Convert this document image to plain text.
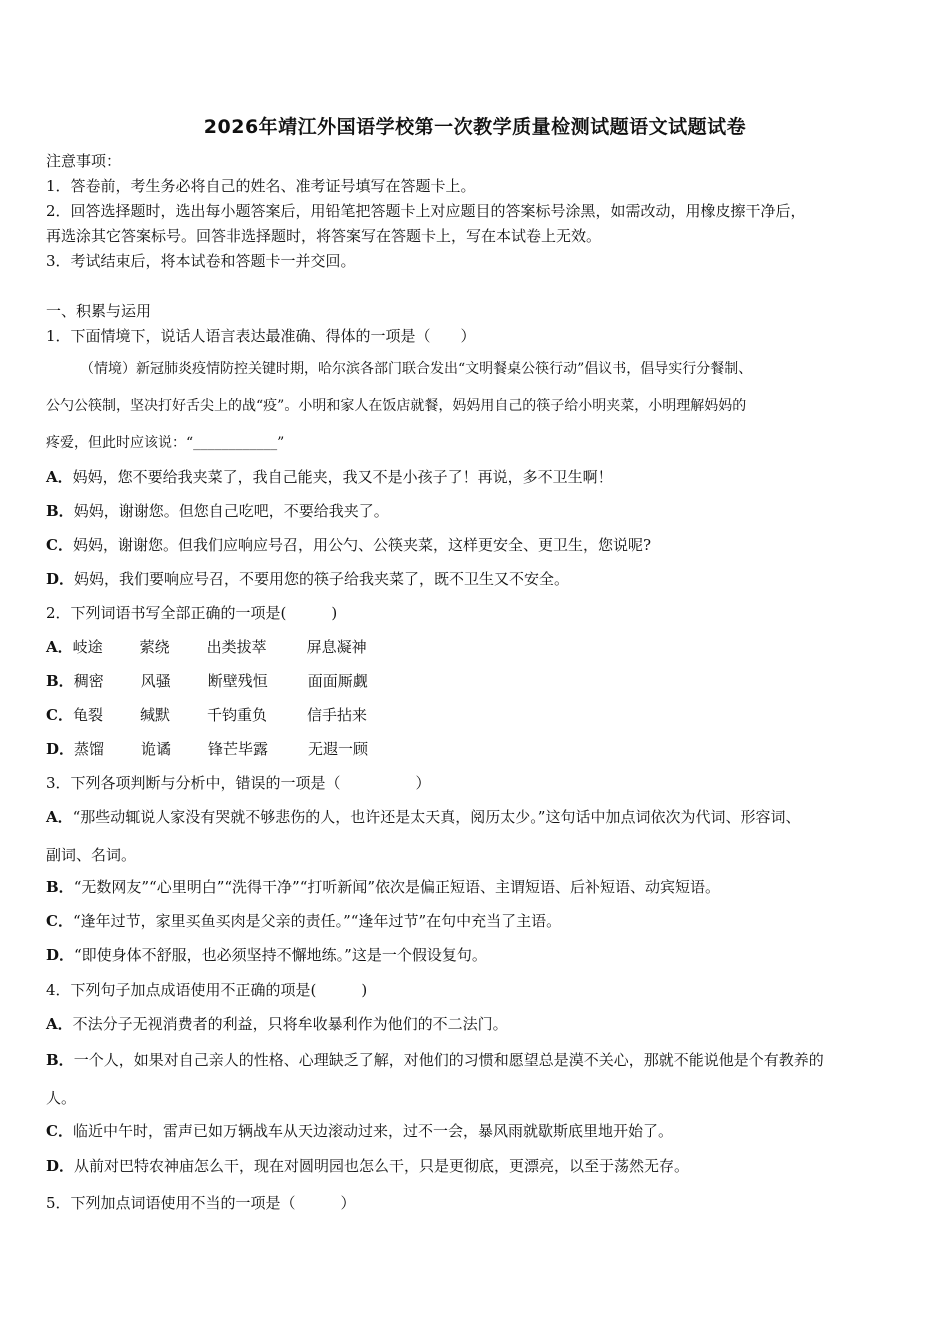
2026年靖江外国语学校第一次教学质量检测试题语文试题试卷
注意事项：
1．答卷前，考生务必将自己的姓名、准考证号填写在答题卡上。
2．回答选择题时，选出每小题答案后，用铅笔把答题卡上对应题目的答案标号涂黑，如需改动，用橡皮擦干净后，
再选涂其它答案标号。回答非选择题时，将答案写在答题卡上，写在本试卷上无效。
3．考试结束后，将本试卷和答题卡一并交回。
一、积累与运用
1．下面情境下，说话人语言表达最准确、得体的一项是（　　）
（情境）新冠肺炎疫情防控关键时期，哈尔滨各部门联合发出“文明餐桌公筷行动”倡议书，倡导实行分餐制、
公勺公筷制，坚决打好舌尖上的战“疫”。小明和家人在饭店就餐，妈妈用自己的筷子给小明夹菜，小明理解妈妈的
疼爱，但此时应该说：“____________”
A．妈妈，您不要给我夹菜了，我自己能夹，我又不是小孩子了！再说，多不卫生啊！
B．妈妈，谢谢您。但您自己吃吧，不要给我夹了。
C．妈妈，谢谢您。但我们应响应号召，用公勺、公筷夹菜，这样更安全、更卫生，您说呢?
D．妈妈，我们要响应号召，不要用您的筷子给我夹菜了，既不卫生又不安全。
2．下列词语书写全部正确的一项是(　　　)
A．岐途 萦绕 出类拔萃	屏息凝神
B．稠密 风骚 断壁残恒	面面厮觑
C．龟裂 缄默 千钧重负	信手拈来
D．蒸馏 诡谲 锋芒毕露	无遐一顾
3．下列各项判断与分析中，错误的一项是（　　　　　）
A．“那些动辄说人家没有哭就不够悲伤的人，也许还是太天真，阅历太少。”这句话中加点词依次为代词、形容词、
副词、名词。
B．“无数网友”“心里明白”“洗得干净”“打听新闻”依次是偏正短语、主谓短语、后补短语、动宾短语。
C．“逢年过节，家里买鱼买肉是父亲的责任。”“逢年过节”在句中充当了主语。
D．“即使身体不舒服，也必须坚持不懈地练。”这是一个假设复句。
4．下列句子加点成语使用不正确的项是(　　　)
A．不法分子无视消费者的利益，只将牟收暴利作为他们的不二法门。
B．一个人，如果对自己亲人的性格、心理缺乏了解，对他们的习惯和愿望总是漠不关心，那就不能说他是个有教养的
人。
C．临近中午时，雷声已如万辆战车从天边滚动过来，过不一会，暴风雨就歇斯底里地开始了。
D．从前对巴特农神庙怎么干，现在对圆明园也怎么干，只是更彻底，更漂亮，以至于荡然无存。
5．下列加点词语使用不当的一项是（　　　）
